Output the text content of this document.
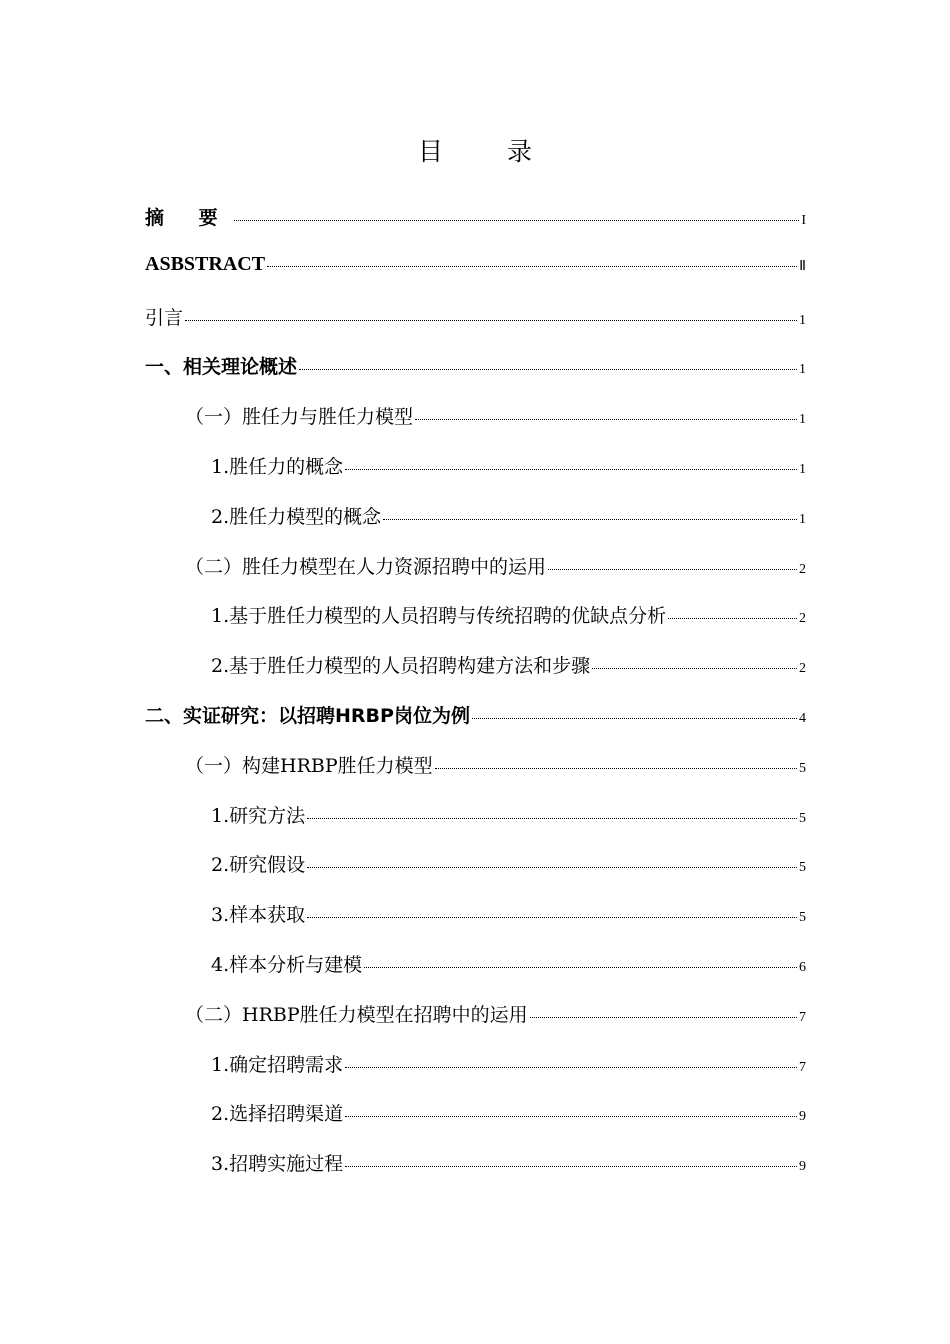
目 录
摘 要	I
ASBSTRACT	Ⅱ
引言	1
一、相关理论概述	1
（一）胜任力与胜任力模型	1
1.胜任力的概念	1
2.胜任力模型的概念	1
（二）胜任力模型在人力资源招聘中的运用	2
1.基于胜任力模型的人员招聘与传统招聘的优缺点分析	2
2.基于胜任力模型的人员招聘构建方法和步骤	2
二、实证研究：以招聘HRBP岗位为例	4
（一）构建HRBP胜任力模型	5
1.研究方法	5
2.研究假设	5
3.样本获取	5
4.样本分析与建模	6
（二）HRBP胜任力模型在招聘中的运用	7
1.确定招聘需求	7
2.选择招聘渠道	9
3.招聘实施过程	9
